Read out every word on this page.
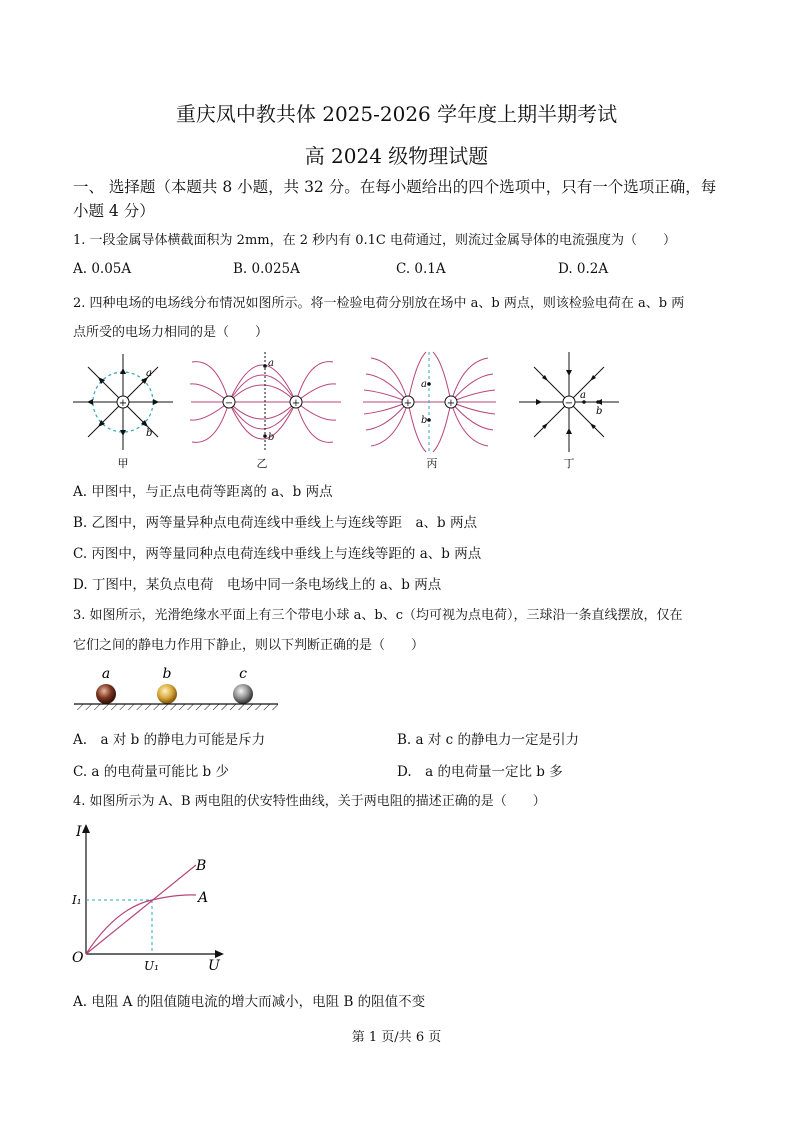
重庆凤中教共体 2025-2026 学年度上期半期考试
高 2024 级物理试题
一、 选择题（本题共 8 小题，共 32 分。在每小题给出的四个选项中，只有一个选项正确，每
小题 4 分）
1. 一段金属导体横截面积为 2mm，在 2 秒内有 0.1C 电荷通过，则流过金属导体的电流强度为（　　）
A. 0.05A	B. 0.025A	C. 0.1A	D. 0.2A
2. 四种电场的电场线分布情况如图所示。将一检验电荷分别放在场中 a、b 两点，则该检验电荷在 a、b 两
点所受的电场力相同的是（　　）
+
a
b
甲
−	+
a
b
乙
+	+
a
b
丙
−
a
b
丁
A. 甲图中，与正点电荷等距离的 a、b 两点
B. 乙图中，两等量异种点电荷连线中垂线上与连线等距　a、b 两点
C. 丙图中，两等量同种点电荷连线中垂线上与连线等距的 a、b 两点
D. 丁图中，某负点电荷　电场中同一条电场线上的 a、b 两点
3. 如图所示，光滑绝缘水平面上有三个带电小球 a、b、c（均可视为点电荷），三球沿一条直线摆放，仅在
它们之间的静电力作用下静止，则以下判断正确的是（　　）
a	b	c
A.　a 对 b 的静电力可能是斥力	B. a 对 c 的静电力一定是引力
C. a 的电荷量可能比 b 少	D.　a 的电荷量一定比 b 多
4. 如图所示为 A、B 两电阻的伏安特性曲线，关于两电阻的描述正确的是（　　）
I
U
O
I₁
U₁
B
A
A. 电阻 A 的阻值随电流的增大而减小，电阻 B 的阻值不变
第 1 页/共 6 页
